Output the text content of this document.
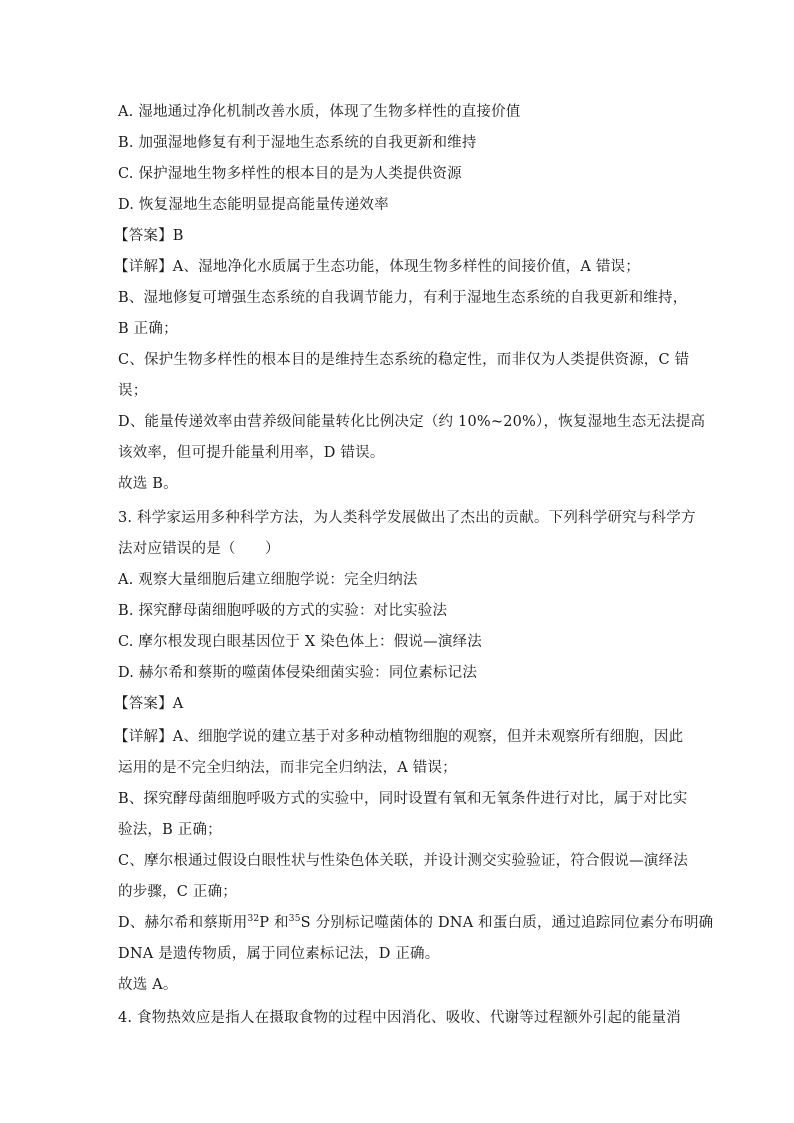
A. 湿地通过净化机制改善水质，体现了生物多样性的直接价值
B. 加强湿地修复有利于湿地生态系统的自我更新和维持
C. 保护湿地生物多样性的根本目的是为人类提供资源
D. 恢复湿地生态能明显提高能量传递效率
【答案】B
【详解】A、湿地净化水质属于生态功能，体现生物多样性的间接价值，A 错误；
B、湿地修复可增强生态系统的自我调节能力，有利于湿地生态系统的自我更新和维持，
B 正确；
C、保护生物多样性的根本目的是维持生态系统的稳定性，而非仅为人类提供资源，C 错
误；
D、能量传递效率由营养级间能量转化比例决定（约 10%~20%），恢复湿地生态无法提高
该效率，但可提升能量利用率，D 错误。
故选 B。
3. 科学家运用多种科学方法，为人类科学发展做出了杰出的贡献。下列科学研究与科学方
法对应错误的是（　　）
A. 观察大量细胞后建立细胞学说：完全归纳法
B. 探究酵母菌细胞呼吸的方式的实验：对比实验法
C. 摩尔根发现白眼基因位于 X 染色体上：假说—演绎法
D. 赫尔希和蔡斯的噬菌体侵染细菌实验：同位素标记法
【答案】A
【详解】A、细胞学说的建立基于对多种动植物细胞的观察，但并未观察所有细胞，因此
运用的是不完全归纳法，而非完全归纳法，A 错误；
B、探究酵母菌细胞呼吸方式的实验中，同时设置有氧和无氧条件进行对比，属于对比实
验法，B 正确；
C、摩尔根通过假设白眼性状与性染色体关联，并设计测交实验验证，符合假说—演绎法
的步骤，C 正确；
D、赫尔希和蔡斯用$^{32}$P 和$^{35}$S 分别标记噬菌体的 DNA 和蛋白质，通过追踪同位素分布明确
DNA 是遗传物质，属于同位素标记法，D 正确。
故选 A。
4. 食物热效应是指人在摄取食物的过程中因消化、吸收、代谢等过程额外引起的能量消
